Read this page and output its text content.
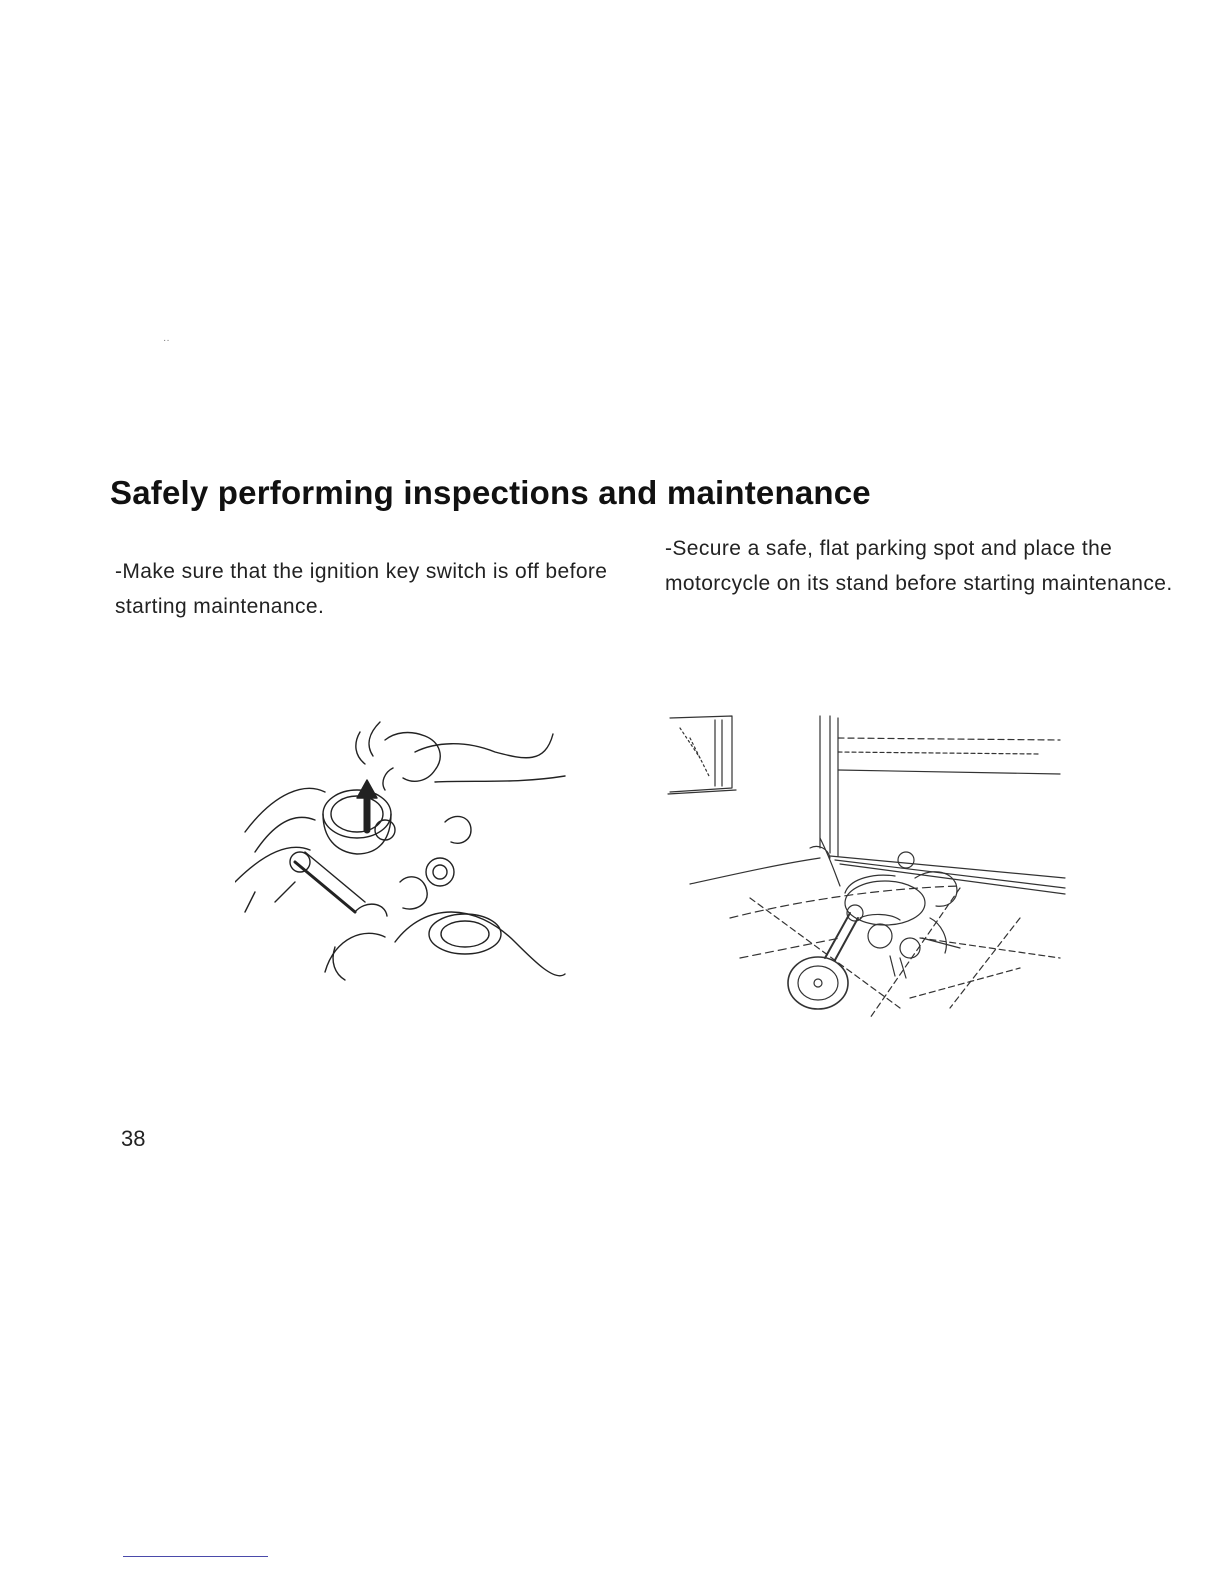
··
Safely performing inspections and maintenance

-Make sure that the ignition key switch is off before starting maintenance.

-Secure a safe, flat parking spot and place the motorcycle on its stand before starting maintenance.

38
